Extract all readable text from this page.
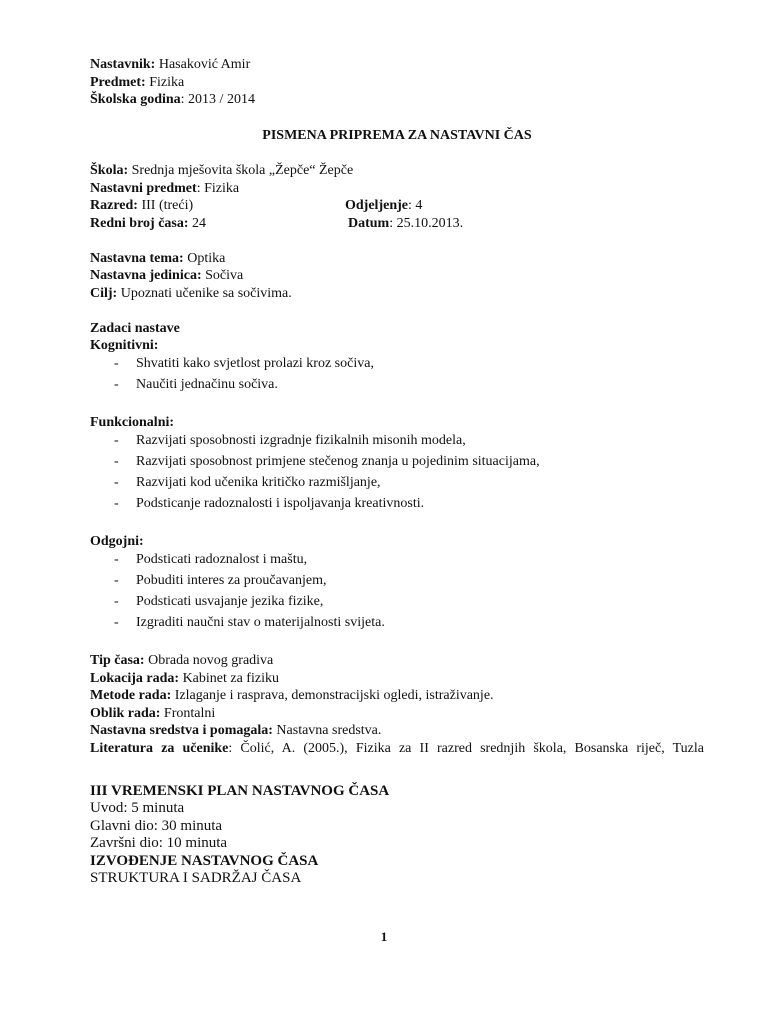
Nastavnik: Hasaković Amir
Predmet: Fizika
Školska godina: 2013 / 2014
PISMENA PRIPREMA ZA NASTAVNI ČAS
Škola: Srednja mješovita škola „Žepče“ Žepče
Nastavni predmet: Fizika
Razred: III (treći)	Odjeljenje: 4
Redni broj časa: 24	Datum: 25.10.2013.
Nastavna tema: Optika
Nastavna jedinica: Sočiva
Cilj: Upoznati učenike sa sočivima.
Zadaci nastave
Kognitivni:
- Shvatiti kako svjetlost prolazi kroz sočiva,
- Naučiti jednačinu sočiva.
Funkcionalni:
- Razvijati sposobnosti izgradnje fizikalnih misonih modela,
- Razvijati sposobnost primjene stečenog znanja u pojedinim situacijama,
- Razvijati kod učenika kritičko razmišljanje,
- Podsticanje radoznalosti i ispoljavanja kreativnosti.
Odgojni:
- Podsticati radoznalost i maštu,
- Pobuditi interes za proučavanjem,
- Podsticati usvajanje jezika fizike,
- Izgraditi naučni stav o materijalnosti svijeta.
Tip časa: Obrada novog gradiva
Lokacija rada: Kabinet za fiziku
Metode rada: Izlaganje i rasprava, demonstracijski ogledi, istraživanje.
Oblik rada: Frontalni
Nastavna sredstva i pomagala: Nastavna sredstva.
Literatura za učenike: Čolić, A. (2005.), Fizika za II razred srednjih škola, Bosanska riječ, Tuzla
III VREMENSKI PLAN NASTAVNOG ČASA
Uvod: 5 minuta
Glavni dio: 30 minuta
Završni dio: 10 minuta
IZVOĐENJE NASTAVNOG ČASA
STRUKTURA I SADRŽAJ ČASA
1
